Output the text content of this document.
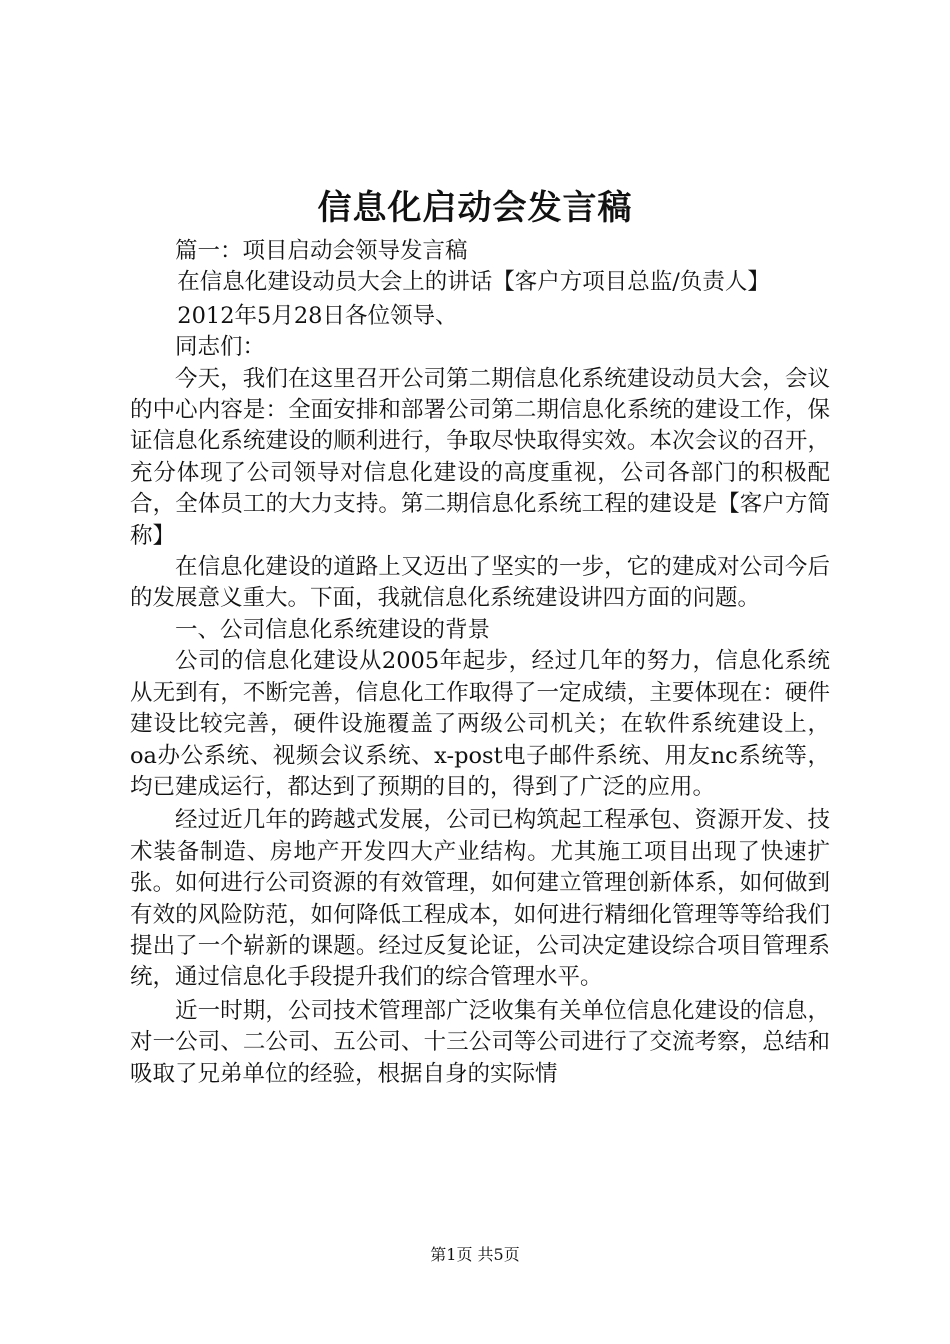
信息化启动会发言稿

篇一：项目启动会领导发言稿

在信息化建设动员大会上的讲话【客户方项目总监/负责人】

2012年5月28日各位领导、

同志们：

今天，我们在这里召开公司第二期信息化系统建设动员大会，会议的中心内容是：全面安排和部署公司第二期信息化系统的建设工作，保证信息化系统建设的顺利进行，争取尽快取得实效。本次会议的召开，充分体现了公司领导对信息化建设的高度重视，公司各部门的积极配合，全体员工的大力支持。第二期信息化系统工程的建设是【客户方简称】

在信息化建设的道路上又迈出了坚实的一步，它的建成对公司今后的发展意义重大。下面，我就信息化系统建设讲四方面的问题。

一、公司信息化系统建设的背景

公司的信息化建设从2005年起步，经过几年的努力，信息化系统从无到有，不断完善，信息化工作取得了一定成绩，主要体现在：硬件建设比较完善，硬件设施覆盖了两级公司机关；在软件系统建设上，oa办公系统、视频会议系统、x-post电子邮件系统、用友nc系统等，均已建成运行，都达到了预期的目的，得到了广泛的应用。

经过近几年的跨越式发展，公司已构筑起工程承包、资源开发、技术装备制造、房地产开发四大产业结构。尤其施工项目出现了快速扩张。如何进行公司资源的有效管理，如何建立管理创新体系，如何做到有效的风险防范，如何降低工程成本，如何进行精细化管理等等给我们提出了一个崭新的课题。经过反复论证，公司决定建设综合项目管理系统，通过信息化手段提升我们的综合管理水平。

近一时期，公司技术管理部广泛收集有关单位信息化建设的信息，对一公司、二公司、五公司、十三公司等公司进行了交流考察，总结和吸取了兄弟单位的经验，根据自身的实际情

第1页 共5页
